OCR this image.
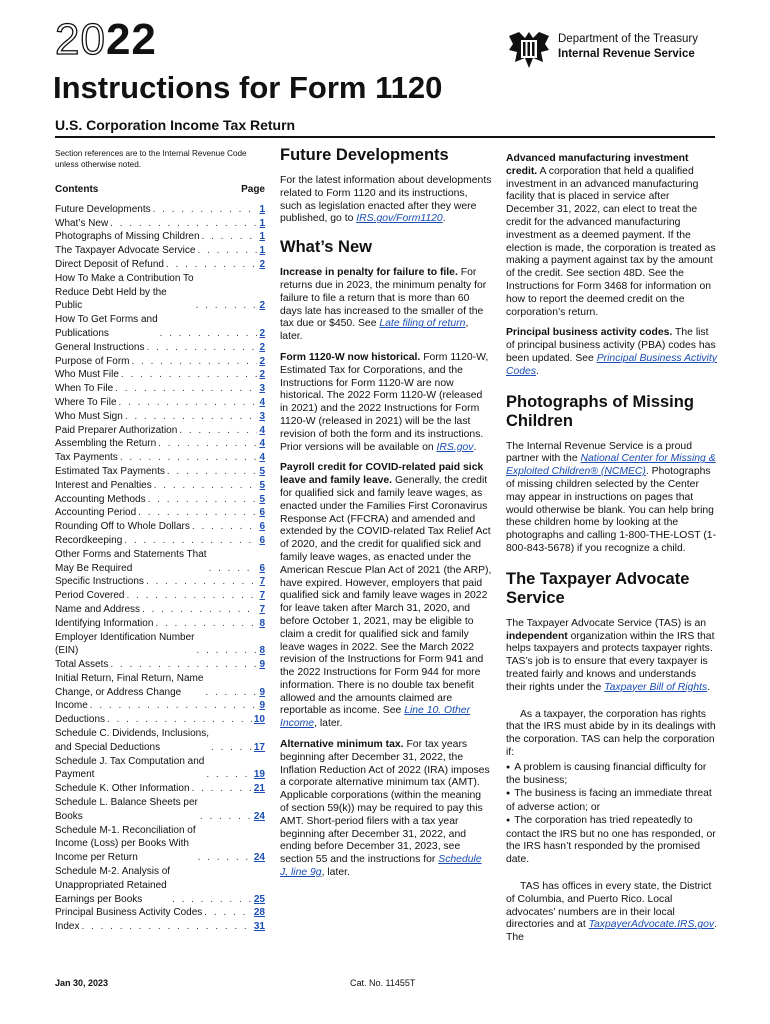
2022
Instructions for Form 1120
U.S. Corporation Income Tax Return
Department of the Treasury
Internal Revenue Service
Section references are to the Internal Revenue Code unless otherwise noted.
Contents	Page
Future Developments . . .	1
What’s New . . .	1
Photographs of Missing Children . . .	1
The Taxpayer Advocate Service . . .	1
Direct Deposit of Refund . . .	2
How To Make a Contribution To
Reduce Debt Held by the
Public . . .	2
How To Get Forms and
Publications . . .	2
General Instructions . . .	2
Purpose of Form . . .	2
Who Must File . . .	2
When To File . . .	3
Where To File . . .	4
Who Must Sign . . .	3
Paid Preparer Authorization . . .	4
Assembling the Return . . .	4
Tax Payments . . .	4
Estimated Tax Payments . . .	5
Interest and Penalties . . .	5
Accounting Methods . . .	5
Accounting Period . . .	6
Rounding Off to Whole Dollars . . .	6
Recordkeeping . . .	6
Other Forms and Statements That
May Be Required . . .	6
Specific Instructions . . .	7
Period Covered . . .	7
Name and Address . . .	7
Identifying Information . . .	8
Employer Identification Number
(EIN) . . .	8
Total Assets . . .	9
Initial Return, Final Return, Name
Change, or Address Change . . .	9
Income . . .	9
Deductions . . .	10
Schedule C. Dividends, Inclusions,
and Special Deductions . . .	17
Schedule J. Tax Computation and
Payment . . .	19
Schedule K. Other Information . . .	21
Schedule L. Balance Sheets per
Books . . .	24
Schedule M-1. Reconciliation of
Income (Loss) per Books With
Income per Return . . .	24
Schedule M-2. Analysis of
Unappropriated Retained
Earnings per Books . . .	25
Principal Business Activity Codes . . .	28
Index . . .	31
Future Developments

For the latest information about developments related to Form 1120 and its instructions, such as legislation enacted after they were published, go to IRS.gov/Form1120.

What’s New

Increase in penalty for failure to file. For returns due in 2023, the minimum penalty for failure to file a return that is more than 60 days late has increased to the smaller of the tax due or $450. See Late filing of return, later.

Form 1120-W now historical. Form 1120-W, Estimated Tax for Corporations, and the Instructions for Form 1120-W are now historical. The 2022 Form 1120-W (released in 2021) and the 2022 Instructions for Form 1120-W (released in 2021) will be the last revision of both the form and its instructions. Prior versions will be available on IRS.gov.

Payroll credit for COVID-related paid sick leave and family leave. Generally, the credit for qualified sick and family leave wages, as enacted under the Families First Coronavirus Response Act (FFCRA) and amended and extended by the COVID-related Tax Relief Act of 2020, and the credit for qualified sick and family leave wages, as enacted under the American Rescue Plan Act of 2021 (the ARP), have expired. However, employers that paid qualified sick and family leave wages in 2022 for leave taken after March 31, 2020, and before October 1, 2021, may be eligible to claim a credit for qualified sick and family leave wages in 2022. See the March 2022 revision of the Instructions for Form 941 and the 2022 Instructions for Form 944 for more information. There is no double tax benefit allowed and the amounts claimed are reportable as income. See Line 10. Other Income, later.

Alternative minimum tax. For tax years beginning after December 31, 2022, the Inflation Reduction Act of 2022 (IRA) imposes a corporate alternative minimum tax (AMT). Applicable corporations (within the meaning of section 59(k)) may be required to pay this AMT. Short-period filers with a tax year beginning after December 31, 2022, and ending before December 31, 2023, see section 55 and the instructions for Schedule J, line 9g, later.

Advanced manufacturing investment credit. A corporation that held a qualified investment in an advanced manufacturing facility that is placed in service after December 31, 2022, can elect to treat the credit for the advanced manufacturing investment as a deemed payment. If the election is made, the corporation is treated as making a payment against tax by the amount of the credit. See section 48D. See the Instructions for Form 3468 for information on how to report the deemed credit on the corporation’s return.

Principal business activity codes. The list of principal business activity (PBA) codes has been updated. See Principal Business Activity Codes.

Photographs of Missing Children

The Internal Revenue Service is a proud partner with the National Center for Missing & Exploited Children® (NCMEC). Photographs of missing children selected by the Center may appear in instructions on pages that would otherwise be blank. You can help bring these children home by looking at the photographs and calling 1-800-THE-LOST (1-800-843-5678) if you recognize a child.

The Taxpayer Advocate Service

The Taxpayer Advocate Service (TAS) is an independent organization within the IRS that helps taxpayers and protects taxpayer rights. TAS’s job is to ensure that every taxpayer is treated fairly and knows and understands their rights under the Taxpayer Bill of Rights.

As a taxpayer, the corporation has rights that the IRS must abide by in its dealings with the corporation. TAS can help the corporation if:

● A problem is causing financial difficulty for the business;

● The business is facing an immediate threat of adverse action; or

● The corporation has tried repeatedly to contact the IRS but no one has responded, or the IRS hasn’t responded by the promised date.

TAS has offices in every state, the District of Columbia, and Puerto Rico. Local advocates’ numbers are in their local directories and at TaxpayerAdvocate.IRS.gov. The

Jan 30, 2023	Cat. No. 11455T
